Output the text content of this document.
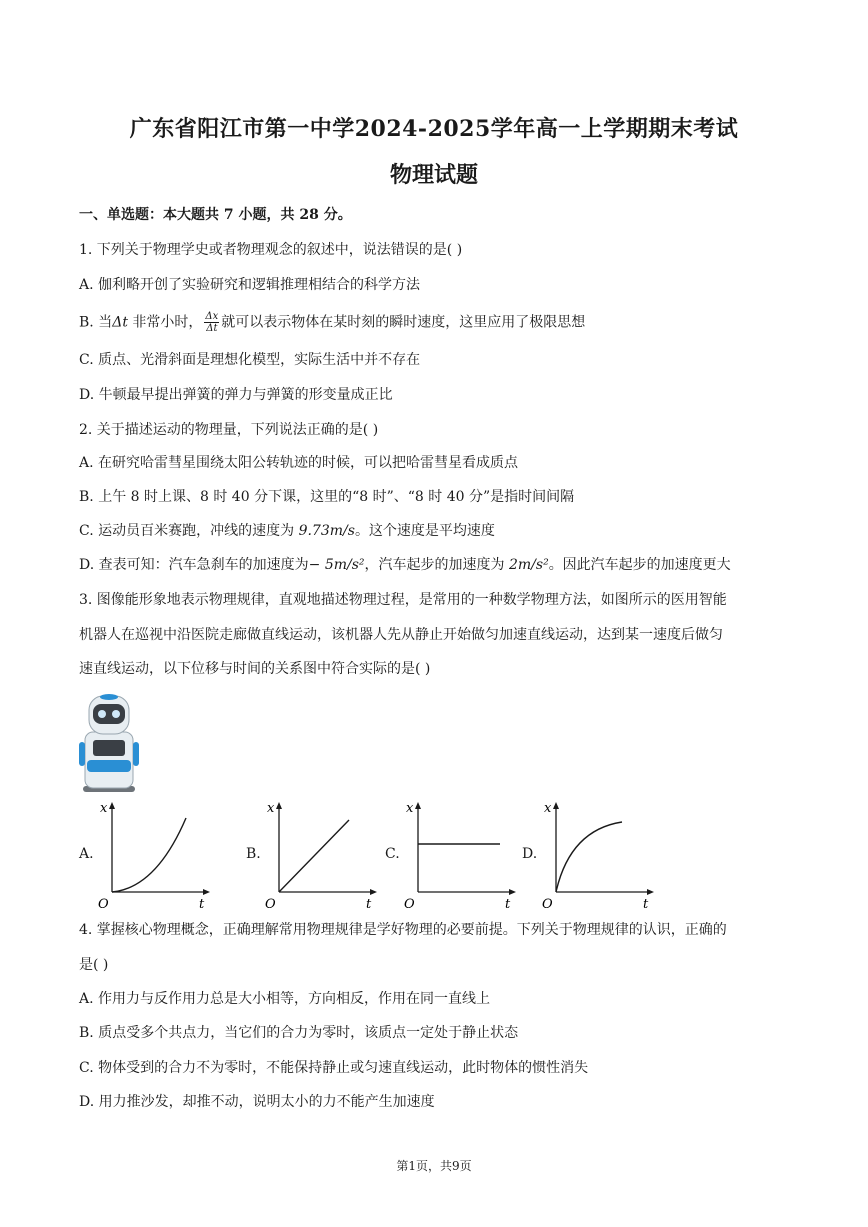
广东省阳江市第一中学2024-2025学年高一上学期期末考试
物理试题
一、单选题：本大题共 7 小题，共 28 分。
1. 下列关于物理学史或者物理观念的叙述中，说法错误的是( )
A. 伽利略开创了实验研究和逻辑推理相结合的科学方法
B. 当Δt 非常小时， $\frac{\Delta x}{\Delta t}$ 就可以表示物体在某时刻的瞬时速度，这里应用了极限思想
C. 质点、光滑斜面是理想化模型，实际生活中并不存在
D. 牛顿最早提出弹簧的弹力与弹簧的形变量成正比
2. 关于描述运动的物理量，下列说法正确的是( )
A. 在研究哈雷彗星围绕太阳公转轨迹的时候，可以把哈雷彗星看成质点
B. 上午 8 时上课、8 时 40 分下课，这里的“8 时”、“8 时 40 分”是指时间间隔
C. 运动员百米赛跑，冲线的速度为 9.73m/s。这个速度是平均速度
D. 查表可知：汽车急刹车的加速度为− 5m/s²，汽车起步的加速度为 2m/s²。因此汽车起步的加速度更大
3. 图像能形象地表示物理规律，直观地描述物理过程，是常用的一种数学物理方法，如图所示的医用智能
机器人在巡视中沿医院走廊做直线运动，该机器人先从静止开始做匀加速直线运动，达到某一速度后做匀
速直线运动，以下位移与时间的关系图中符合实际的是( )
A.
x
t
O
B.
x
t
O
C.
x
t
O
D.
x
t
O
4. 掌握核心物理概念，正确理解常用物理规律是学好物理的必要前提。下列关于物理规律的认识，正确的
是( )
A. 作用力与反作用力总是大小相等，方向相反，作用在同一直线上
B. 质点受多个共点力，当它们的合力为零时，该质点一定处于静止状态
C. 物体受到的合力不为零时，不能保持静止或匀速直线运动，此时物体的惯性消失
D. 用力推沙发，却推不动，说明太小的力不能产生加速度
第1页，共9页
